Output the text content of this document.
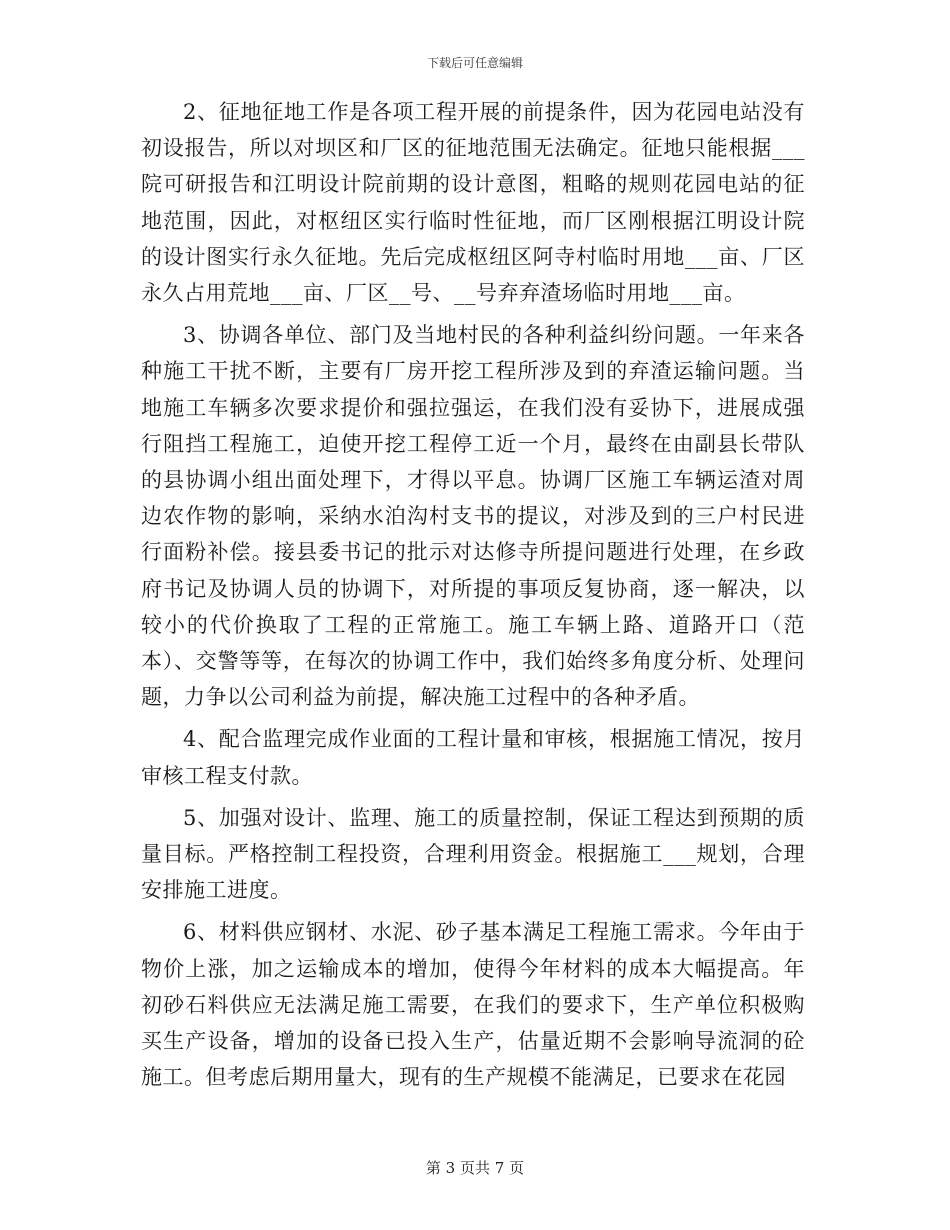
下载后可任意编辑

2、征地征地工作是各项工程开展的前提条件，因为花园电站没有初设报告，所以对坝区和厂区的征地范围无法确定。征地只能根据___院可研报告和江明设计院前期的设计意图，粗略的规则花园电站的征地范围，因此，对枢纽区实行临时性征地，而厂区刚根据江明设计院的设计图实行永久征地。先后完成枢纽区阿寺村临时用地___亩、厂区永久占用荒地___亩、厂区__号、__号弃弃渣场临时用地___亩。

3、协调各单位、部门及当地村民的各种利益纠纷问题。一年来各种施工干扰不断，主要有厂房开挖工程所涉及到的弃渣运输问题。当地施工车辆多次要求提价和强拉强运，在我们没有妥协下，进展成强行阻挡工程施工，迫使开挖工程停工近一个月，最终在由副县长带队的县协调小组出面处理下，才得以平息。协调厂区施工车辆运渣对周边农作物的影响，采纳水泊沟村支书的提议，对涉及到的三户村民进行面粉补偿。接县委书记的批示对达修寺所提问题进行处理，在乡政府书记及协调人员的协调下，对所提的事项反复协商，逐一解决，以较小的代价换取了工程的正常施工。施工车辆上路、道路开口（范本）、交警等等，在每次的协调工作中，我们始终多角度分析、处理问题，力争以公司利益为前提，解决施工过程中的各种矛盾。

4、配合监理完成作业面的工程计量和审核，根据施工情况，按月审核工程支付款。

5、加强对设计、监理、施工的质量控制，保证工程达到预期的质量目标。严格控制工程投资，合理利用资金。根据施工___规划，合理安排施工进度。

6、材料供应钢材、水泥、砂子基本满足工程施工需求。今年由于物价上涨，加之运输成本的增加，使得今年材料的成本大幅提高。年初砂石料供应无法满足施工需要，在我们的要求下，生产单位积极购买生产设备，增加的设备已投入生产，估量近期不会影响导流洞的砼施工。但考虑后期用量大，现有的生产规模不能满足，已要求在花园

第 3 页共 7 页
